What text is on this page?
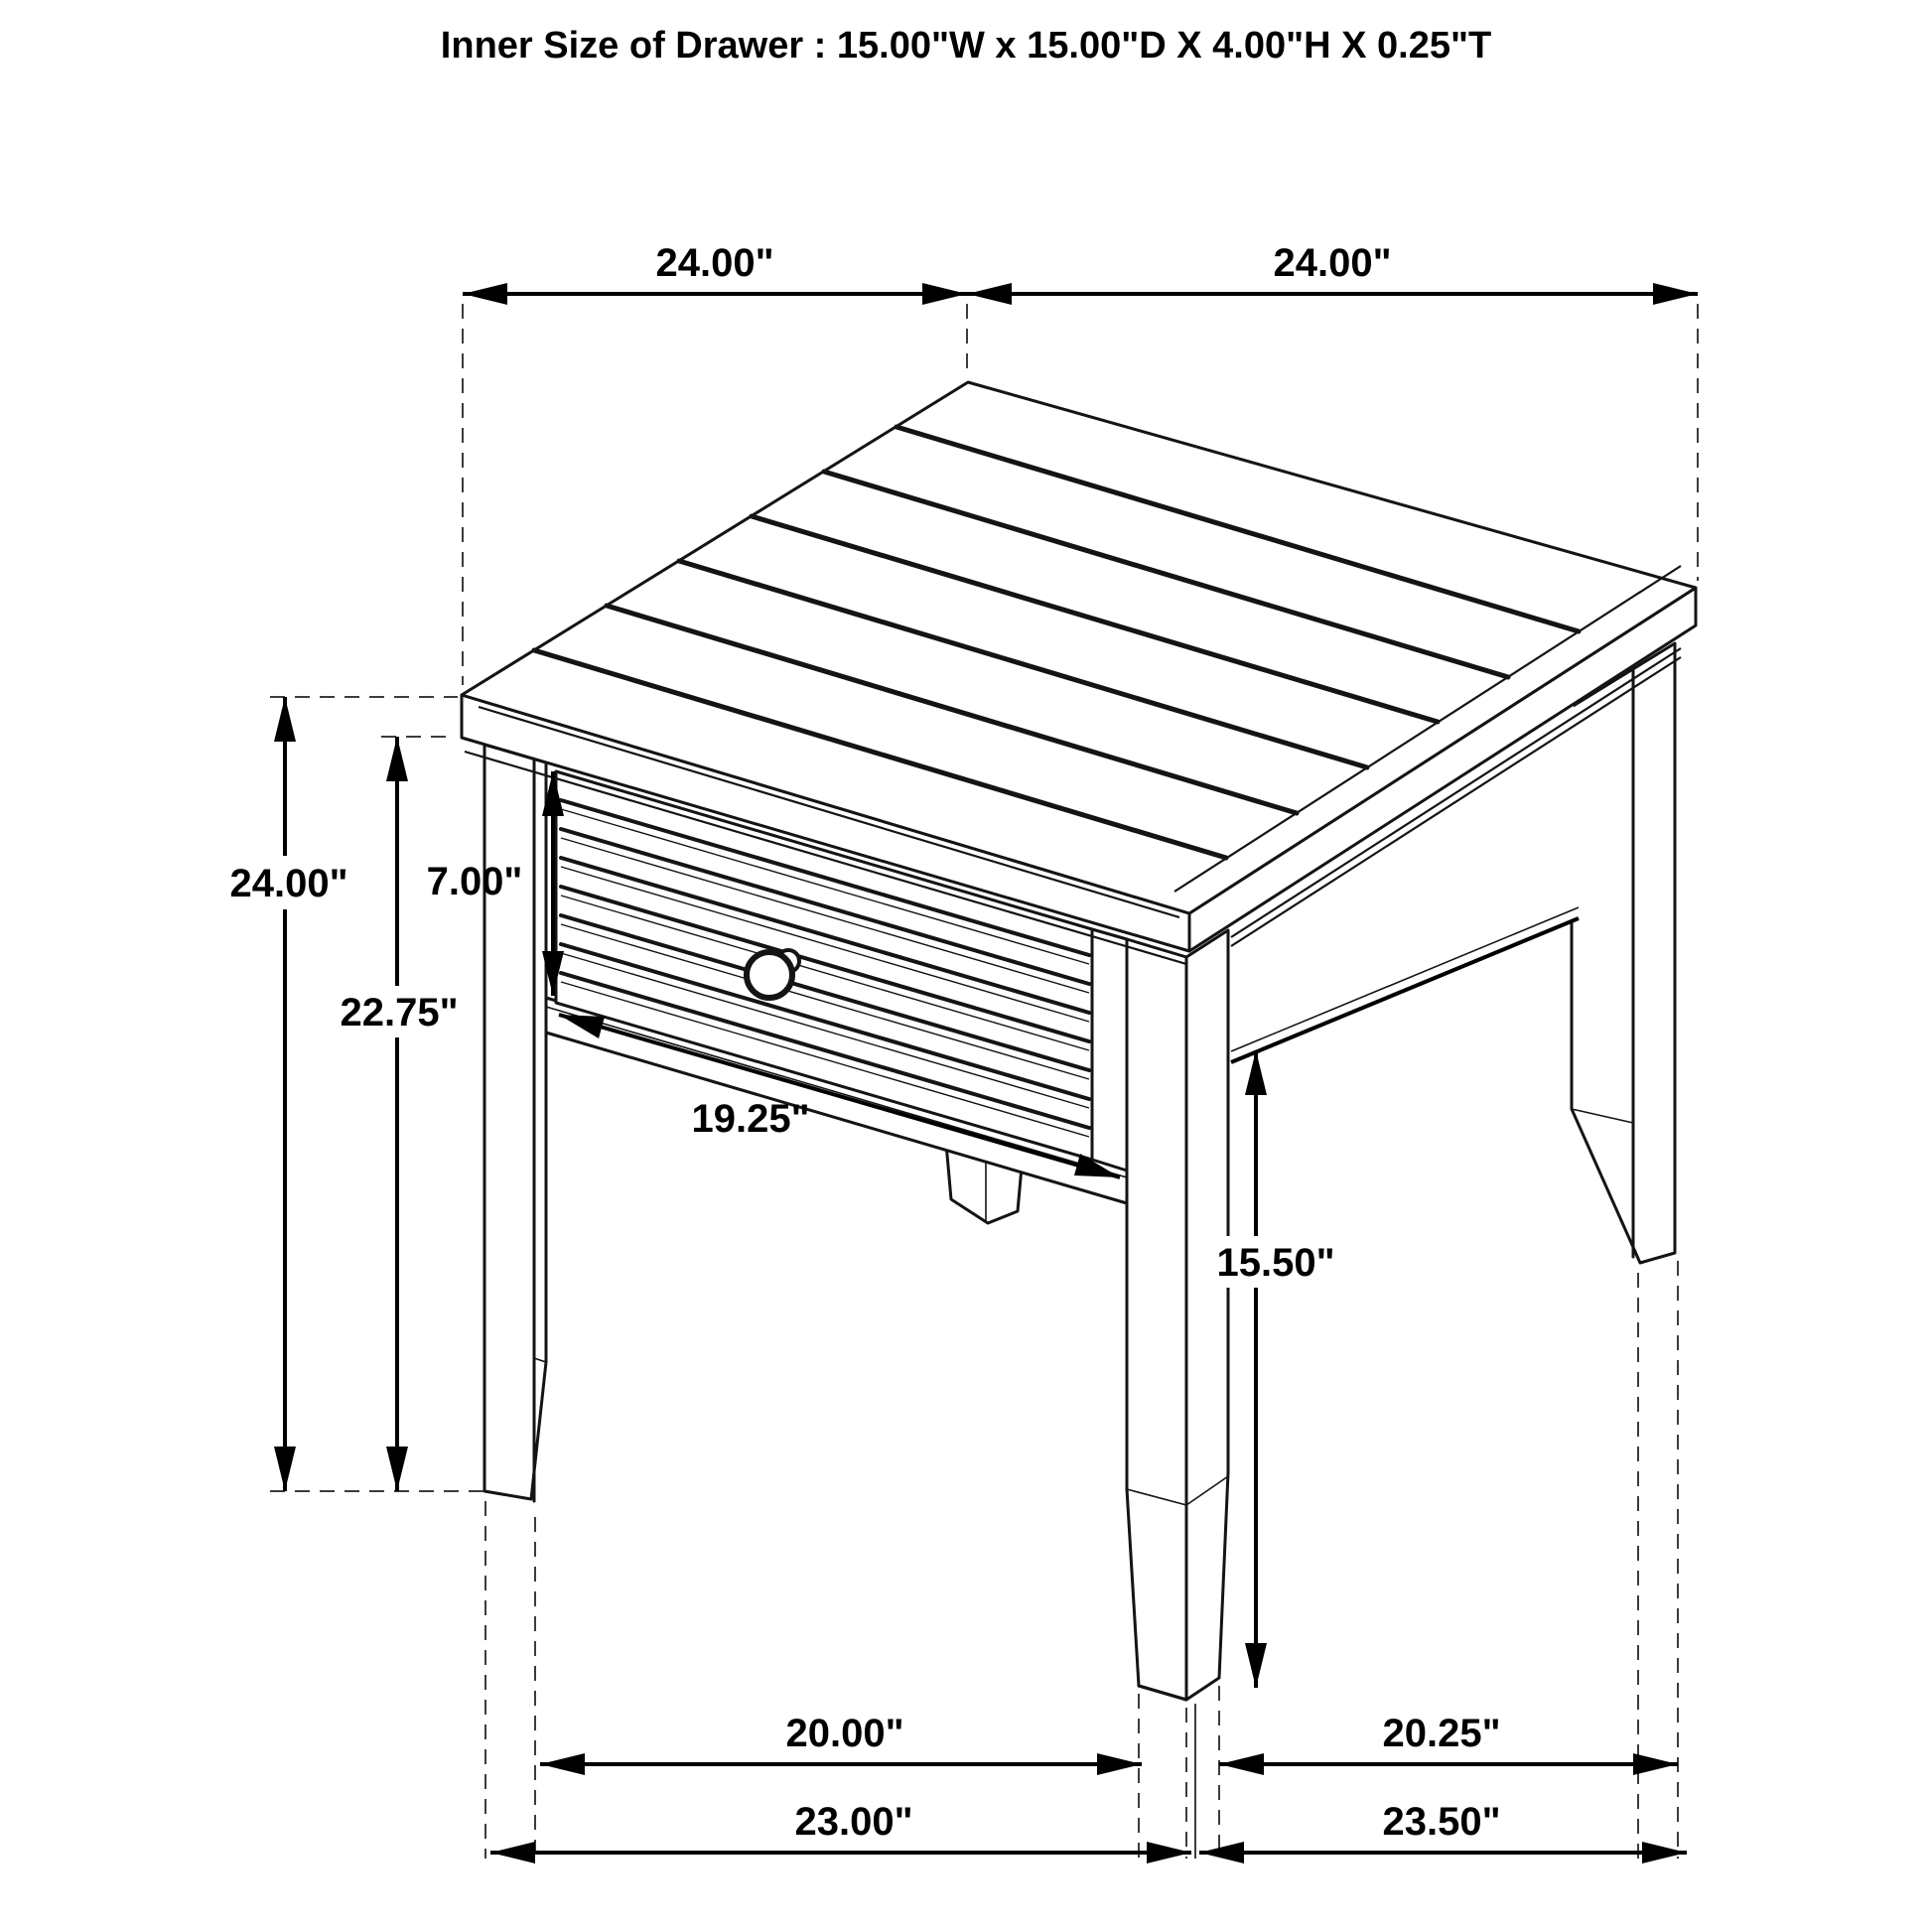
24.00"	24.00"
24.00"
22.75"
7.00"
19.25"
15.50"
20.00"	20.25"
23.00"	23.50"
Inner Size of Drawer : 15.00"W x 15.00"D X 4.00"H X 0.25"T
